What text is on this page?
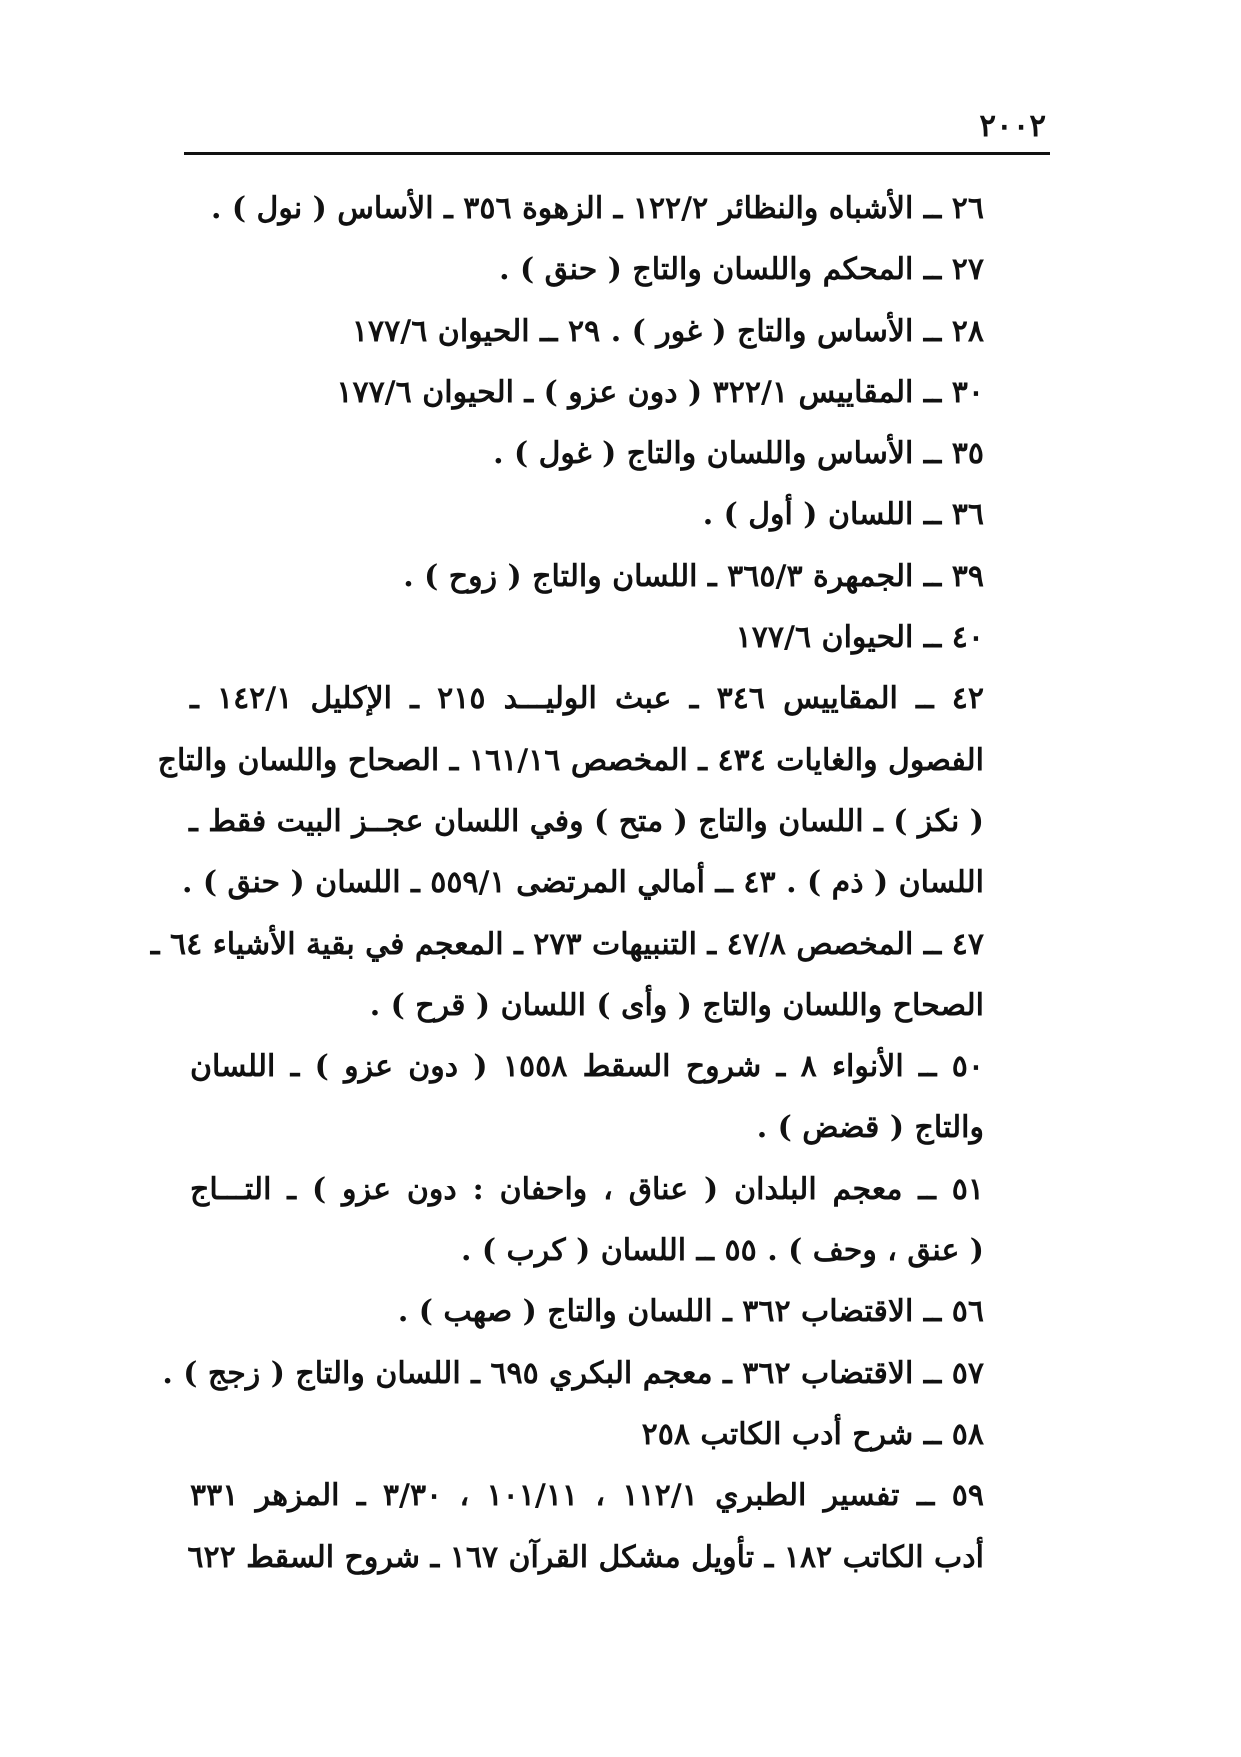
٢٠٠٢
٢٦ ــ الأشباه والنظائر ١٢٢/٢ ـ الزهوة ٣٥٦ ـ الأساس ( نول ) .
٢٧ ــ المحكم واللسان والتاج ( حنق ) .
٢٨ ــ الأساس والتاج ( غور ) . ٢٩ ــ الحيوان ١٧٧/٦
٣٠ ــ المقاييس ٣٢٢/١ ( دون عزو ) ـ الحيوان ١٧٧/٦
٣٥ ــ الأساس واللسان والتاج ( غول ) .
٣٦ ــ اللسان ( أول ) .
٣٩ ــ الجمهرة ٣٦٥/٣ ـ اللسان والتاج ( زوح ) .
٤٠ ــ الحيوان ١٧٧/٦
٤٢ ــ المقاييس ٣٤٦ ـ عبث الوليـــد ٢١٥ ـ الإكليل ١٤٢/١ ـ
الفصول والغايات ٤٣٤ ـ المخصص ١٦١/١٦ ـ الصحاح واللسان والتاج
( نكز ) ـ اللسان والتاج ( متح ) وفي اللسان عجــز البيت فقط ـ
اللسان ( ذم ) . ٤٣ ــ أمالي المرتضى ٥٥٩/١ ـ اللسان ( حنق ) .
٤٧ ــ المخصص ٤٧/٨ ـ التنبيهات ٢٧٣ ـ المعجم في بقية الأشياء ٦٤ ـ
الصحاح واللسان والتاج ( وأى ) اللسان ( قرح ) .
٥٠ ــ الأنواء ٨ ـ شروح السقط ١٥٥٨ ( دون عزو ) ـ اللسان
والتاج ( قضض ) .
٥١ ــ معجم البلدان ( عناق ، واحفان : دون عزو ) ـ التـــاج
( عنق ، وحف ) . ٥٥ ــ اللسان ( كرب ) .
٥٦ ــ الاقتضاب ٣٦٢ ـ اللسان والتاج ( صهب ) .
٥٧ ــ الاقتضاب ٣٦٢ ـ معجم البكري ٦٩٥ ـ اللسان والتاج ( زجج ) .
٥٨ ــ شرح أدب الكاتب ٢٥٨
٥٩ ــ تفسير الطبري ١١٢/١ ، ١٠١/١١ ، ٣/٣٠ ـ المزهر ٣٣١
أدب الكاتب ١٨٢ ـ تأويل مشكل القرآن ١٦٧ ـ شروح السقط ٦٢٢
